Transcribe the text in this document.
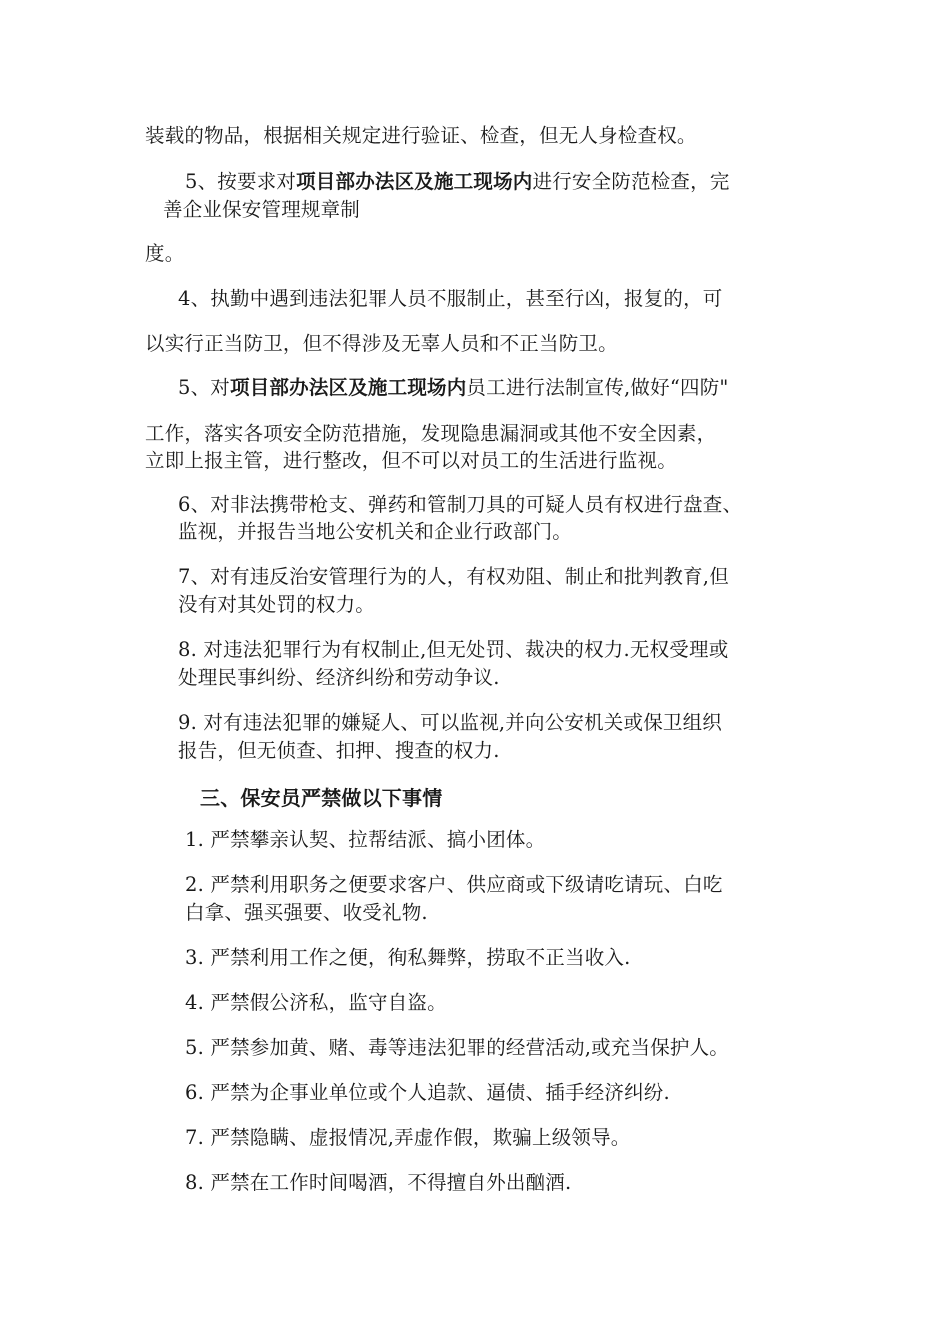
装载的物品，根据相关规定进行验证、检查，但无人身检查权。
5、按要求对项目部办法区及施工现场内进行安全防范检查，完
善企业保安管理规章制
度。
4、执勤中遇到违法犯罪人员不服制止，甚至行凶，报复的，可
以实行正当防卫，但不得涉及无辜人员和不正当防卫。
5、对项目部办法区及施工现场内员工进行法制宣传,做好“四防"
工作，落实各项安全防范措施，发现隐患漏洞或其他不安全因素，
立即上报主管，进行整改，但不可以对员工的生活进行监视。
6、对非法携带枪支、弹药和管制刀具的可疑人员有权进行盘查、
监视，并报告当地公安机关和企业行政部门。
7、对有违反治安管理行为的人，有权劝阻、制止和批判教育,但
没有对其处罚的权力。
8. 对违法犯罪行为有权制止,但无处罚、裁决的权力.无权受理或
处理民事纠纷、经济纠纷和劳动争议.
9. 对有违法犯罪的嫌疑人、可以监视,并向公安机关或保卫组织
报告，但无侦查、扣押、搜查的权力.
三、保安员严禁做以下事情
1. 严禁攀亲认契、拉帮结派、搞小团体。
2. 严禁利用职务之便要求客户、供应商或下级请吃请玩、白吃
白拿、强买强要、收受礼物.
3. 严禁利用工作之便，徇私舞弊，捞取不正当收入.
4. 严禁假公济私，监守自盗。
5. 严禁参加黄、赌、毒等违法犯罪的经营活动,或充当保护人。
6. 严禁为企事业单位或个人追款、逼债、插手经济纠纷.
7. 严禁隐瞒、虚报情况,弄虚作假，欺骗上级领导。
8. 严禁在工作时间喝酒，不得擅自外出酗酒.
